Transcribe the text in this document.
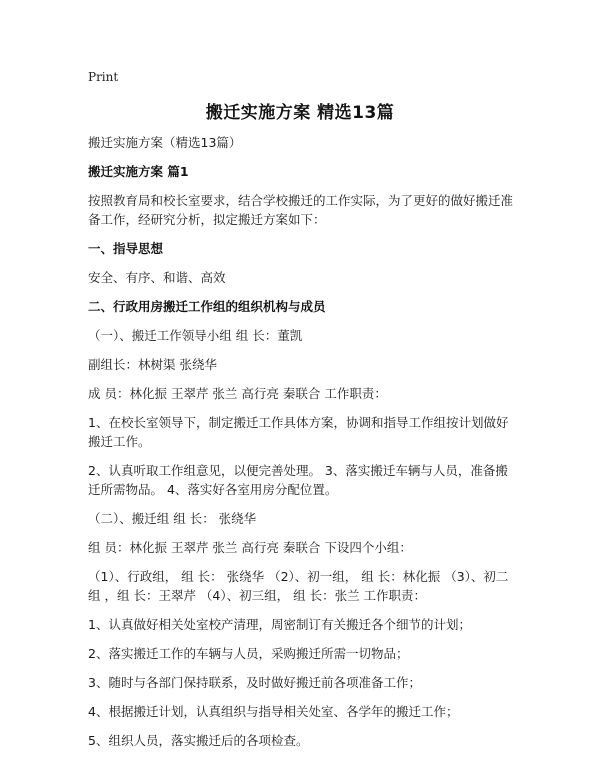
Print
搬迁实施方案 精选13篇

搬迁实施方案（精选13篇）

搬迁实施方案 篇1

按照教育局和校长室要求，结合学校搬迁的工作实际，为了更好的做好搬迁准备工作，经研究分析，拟定搬迁方案如下：

一、指导思想

安全、有序、和谐、高效

二、行政用房搬迁工作组的组织机构与成员

（一）、搬迁工作领导小组 组 长：董凯

副组长：林树渠 张绕华

成 员：林化振 王翠芹 张兰 高行亮 秦联合 工作职责：

1、在校长室领导下，制定搬迁工作具体方案，协调和指导工作组按计划做好搬迁工作。

2、认真听取工作组意见，以便完善处理。 3、落实搬迁车辆与人员，准备搬迁所需物品。 4、落实好各室用房分配位置。

（二）、搬迁组 组 长： 张绕华

组 员：林化振 王翠芹 张兰 高行亮 秦联合 下设四个小组：

（1）、行政组， 组 长： 张绕华 （2）、初一组， 组 长：林化振 （3）、初二组 ，组 长：王翠芹 （4）、初三组， 组 长：张兰 工作职责：

1、认真做好相关处室校产清理，周密制订有关搬迁各个细节的计划；

2、落实搬迁工作的车辆与人员，采购搬迁所需一切物品；

3、随时与各部门保持联系，及时做好搬迁前各项准备工作；

4、根据搬迁计划，认真组织与指导相关处室、各学年的搬迁工作；

5、组织人员，落实搬迁后的各项检查。
